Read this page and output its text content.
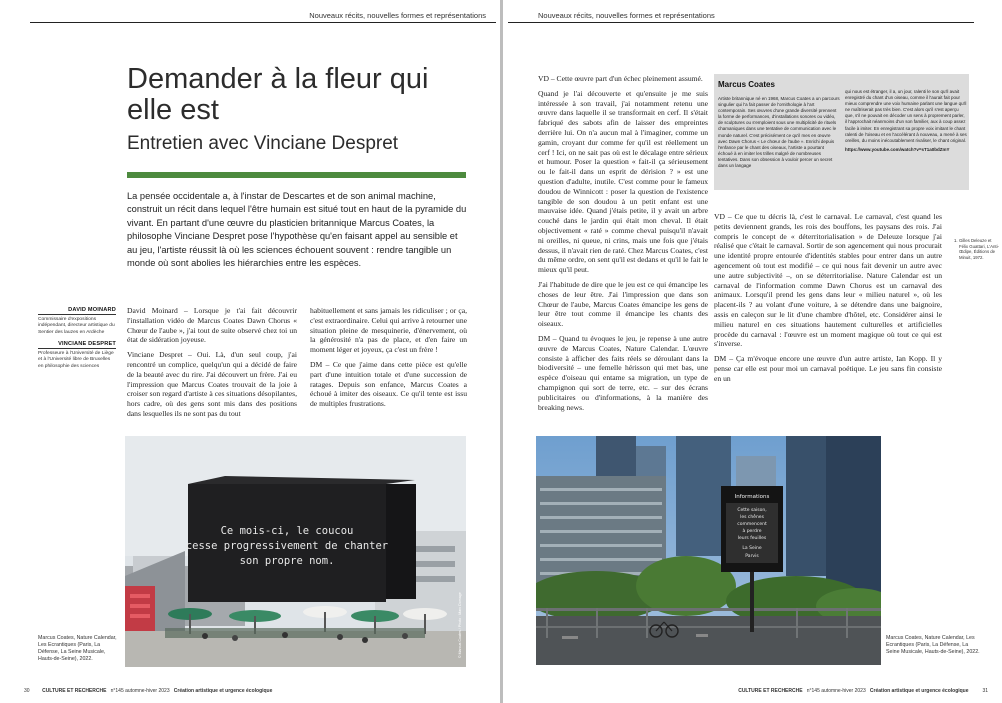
Nouveaux récits, nouvelles formes et représentations
Demander à la fleur qui elle est
Entretien avec Vinciane Despret

La pensée occidentale a, à l'instar de Descartes et de son animal machine, construit un récit dans lequel l'être humain est situé tout en haut de la pyramide du vivant. En partant d'une œuvre du plasticien britannique Marcus Coates, la philosophe Vinciane Despret pose l'hypothèse qu'en faisant appel au sensible et au jeu, l'artiste réussit là où les sciences échouent souvent : rendre tangible un monde où sont abolies les hiérarchies entre les espèces.

DAVID MOINARD
Commissaire d'expositions indépendant, directeur artistique du Sentier des lauzes en Ardèche
VINCIANE DESPRET
Professeure à l'Université de Liège et à l'Université libre de Bruxelles en philosophie des sciences

David Moinard – Lorsque je t'ai fait découvrir l'installation vidéo de Marcus Coates Dawn Chorus « Chœur de l'aube », j'ai tout de suite observé chez toi un état de sidération joyeuse.

Vinciane Despret – Oui. Là, d'un seul coup, j'ai rencontré un complice, quelqu'un qui a décidé de faire de la beauté avec du rire. J'ai découvert un frère. J'ai eu l'impression que Marcus Coates trouvait de la joie à croiser son regard d'artiste à ces situations désopilantes, hors cadre, où des gens sont mis dans des positions dans lesquelles ils ne sont pas du tout

habituellement et sans jamais les ridiculiser ; or ça, c'est extraordinaire. Celui qui arrive à retourner une situation pleine de mesquinerie, d'énervement, où la générosité n'a pas de place, et d'en faire un moment léger et joyeux, ça c'est un frère !

DM – Ce que j'aime dans cette pièce est qu'elle part d'une intuition totale et d'une succession de ratages. Depuis son enfance, Marcus Coates a échoué à imiter des oiseaux. Ce qu'il tente est issu de multiples frustrations.

Ce mois-ci, le coucou
cesse progressivement de chanter
son propre nom.
© Marcus Coates / Photo : Marc Domage
Marcus Coates, Nature Calendar, Les Ecrantiques (Paris, La Défense, La Seine Musicale, Hauts-de-Seine), 2022.
30	CULTURE ET RECHERCHE n°145 automne-hiver 2023 Création artistique et urgence écologique
Nouveaux récits, nouvelles formes et représentations

VD – Cette œuvre part d'un échec pleinement assumé.

Quand je l'ai découverte et qu'ensuite je me suis intéressée à son travail, j'ai notamment retenu une œuvre dans laquelle il se transformait en cerf. Il s'était fabriqué des sabots afin de laisser des empreintes derrière lui. On n'a aucun mal à l'imaginer, comme un gamin, croyant dur comme fer qu'il est réellement un cerf ! Ici, on ne sait pas où est le décalage entre sérieux et humour. Poser la question « fait-il ça sérieusement ou le fait-il dans un esprit de dérision ? » est une question d'adulte, inutile. C'est comme pour le fameux doudou de Winnicott : poser la question de l'existence tangible de son doudou à un petit enfant est une mauvaise idée. Quand j'étais petite, il y avait un arbre couché dans le jardin qui était mon cheval. Il était objectivement « raté » comme cheval puisqu'il n'avait ni oreilles, ni queue, ni crins, mais une fois que j'étais dessus, il n'avait rien de raté. Chez Marcus Coates, c'est du même ordre, on sent qu'il est dedans et qu'il le fait le mieux qu'il peut.

J'ai l'habitude de dire que le jeu est ce qui émancipe les choses de leur être. J'ai l'impression que dans son Chœur de l'aube, Marcus Coates émancipe les gens de leur être tout comme il émancipe les chants des oiseaux.

DM – Quand tu évoques le jeu, je repense à une autre œuvre de Marcus Coates, Nature Calendar. L'œuvre consiste à afficher des faits réels se déroulant dans la biodiversité – une femelle hérisson qui met bas, une espèce d'oiseau qui entame sa migration, un type de champignon qui sort de terre, etc. – sur des écrans publicitaires ou d'informations, à la manière des breaking news.

Marcus Coates
Artiste britannique né en 1968, Marcus Coates a un parcours singulier qui l'a fait passer de l'ornithologie à l'art contemporain. Ses œuvres d'une grande diversité prennent la forme de performances, d'installations sonores ou vidéo, de sculptures ou s'emploient sous une multiplicité de rituels chamaniques dans une tentative de communication avec le monde naturel. C'est précisément ce qu'il mes en œuvre avec Dawn Chorus « Le chœur de l'aube ». Enrichi depuis l'enfance par le chant des oiseaux, l'artiste a pourtant échoué à en imiter les trilles malgré de nombreuses tentatives. Dans son obsession à vouloir percer un secret dans un langage
qui nous est étranger, il a, un jour, ralenti le son qu'il avait enregistré du chant d'un oiseau, comme il l'aurait fait pour mieux comprendre une voix humaine parlant une langue qu'il ne maîtriserait pas très bien. C'est alors qu'il s'est aperçu que, s'il ne pouvait en décoder un sens à proprement parler, il l'approchait néanmoins d'un son familier, aux à coup assez facile à imiter. En enregistrant sa propre voix imitant le chant ralenti de l'oiseau et en l'accélérant à nouveau, a mené à ses oreilles, du moins inécoutablement rivaliser, le chant original.
https://www.youtube.com/watch?v=sT1a0bdZmY

VD – Ce que tu décris là, c'est le carnaval. Le carnaval, c'est quand les petits deviennent grands, les rois des bouffons, les paysans des rois. J'ai compris le concept de « déterritorialisation » de Deleuze lorsque j'ai réalisé que c'était le carnaval. Sortir de son agencement qui nous procurait une identité propre entourée d'identités stables pour entrer dans un autre agencement où tout est modifié – ce qui nous fait devenir un autre avec une autre subjectivité –, on se déterritorialise. Nature Calendar est un carnaval de l'information comme Dawn Chorus est un carnaval des animaux. Lorsqu'il prend les gens dans leur « milieu naturel », où les placent-ils ? au volant d'une voiture, à se détendre dans une baignoire, assis en caleçon sur le lit d'une chambre d'hôtel, etc. Considérer ainsi le milieu naturel en ces situations hautement culturelles et artificielles procède du carnaval : l'œuvre est un moment magique où tout ce qui est s'inverse.

DM – Ça m'évoque encore une œuvre d'un autre artiste, Ian Kopp. Il y pense car elle est pour moi un carnaval poétique. Le jeu sans fin consiste en un

1. Gilles Deleuze et Félix Guattari, L'Anti-Œdipe, Éditions de Minuit, 1972.
Informations
Cette saison,
les chênes
commencent
à perdre
leurs feuilles
La Seine
Parvis
Marcus Coates, Nature Calendar, Les Ecrantiques (Paris, La Défense, La Seine Musicale, Hauts-de-Seine), 2022.
CULTURE ET RECHERCHE n°145 automne-hiver 2023 Création artistique et urgence écologique	31
